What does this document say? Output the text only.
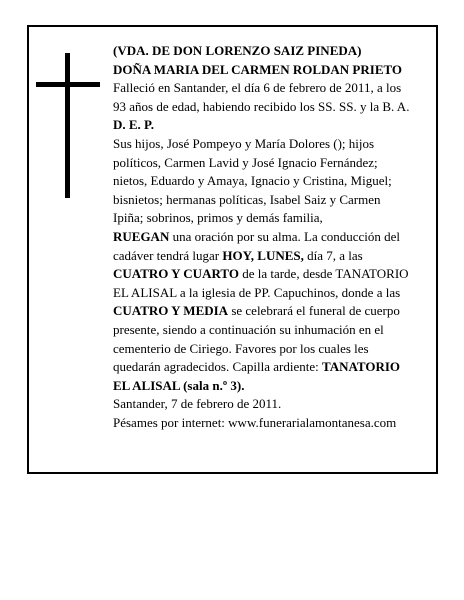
(VDA. DE DON LORENZO SAIZ PINEDA)

DOÑA MARIA DEL CARMEN ROLDAN PRIETO

Falleció en Santander, el día 6 de febrero de 2011, a los 93 años de edad, habiendo recibido los SS. SS. y la B. A.

D. E. P.

Sus hijos, José Pompeyo y María Dolores (); hijos políticos, Carmen Lavid y José Ignacio Fernández; nietos, Eduardo y Amaya, Ignacio y Cristina, Miguel; bisnietos; hermanas políticas, Isabel Saiz y Carmen Ipiña; sobrinos, primos y demás familia,

RUEGAN una oración por su alma. La conducción del cadáver tendrá lugar HOY, LUNES, día 7, a las CUATRO Y CUARTO de la tarde, desde TANATORIO EL ALISAL a la iglesia de PP. Capuchinos, donde a las CUATRO Y MEDIA se celebrará el funeral de cuerpo presente, siendo a continuación su inhumación en el cementerio de Ciriego. Favores por los cuales les quedarán agradecidos. Capilla ardiente: TANATORIO EL ALISAL (sala n.º 3).

Santander, 7 de febrero de 2011.

Pésames por internet: www.funerarialamontanesa.com
